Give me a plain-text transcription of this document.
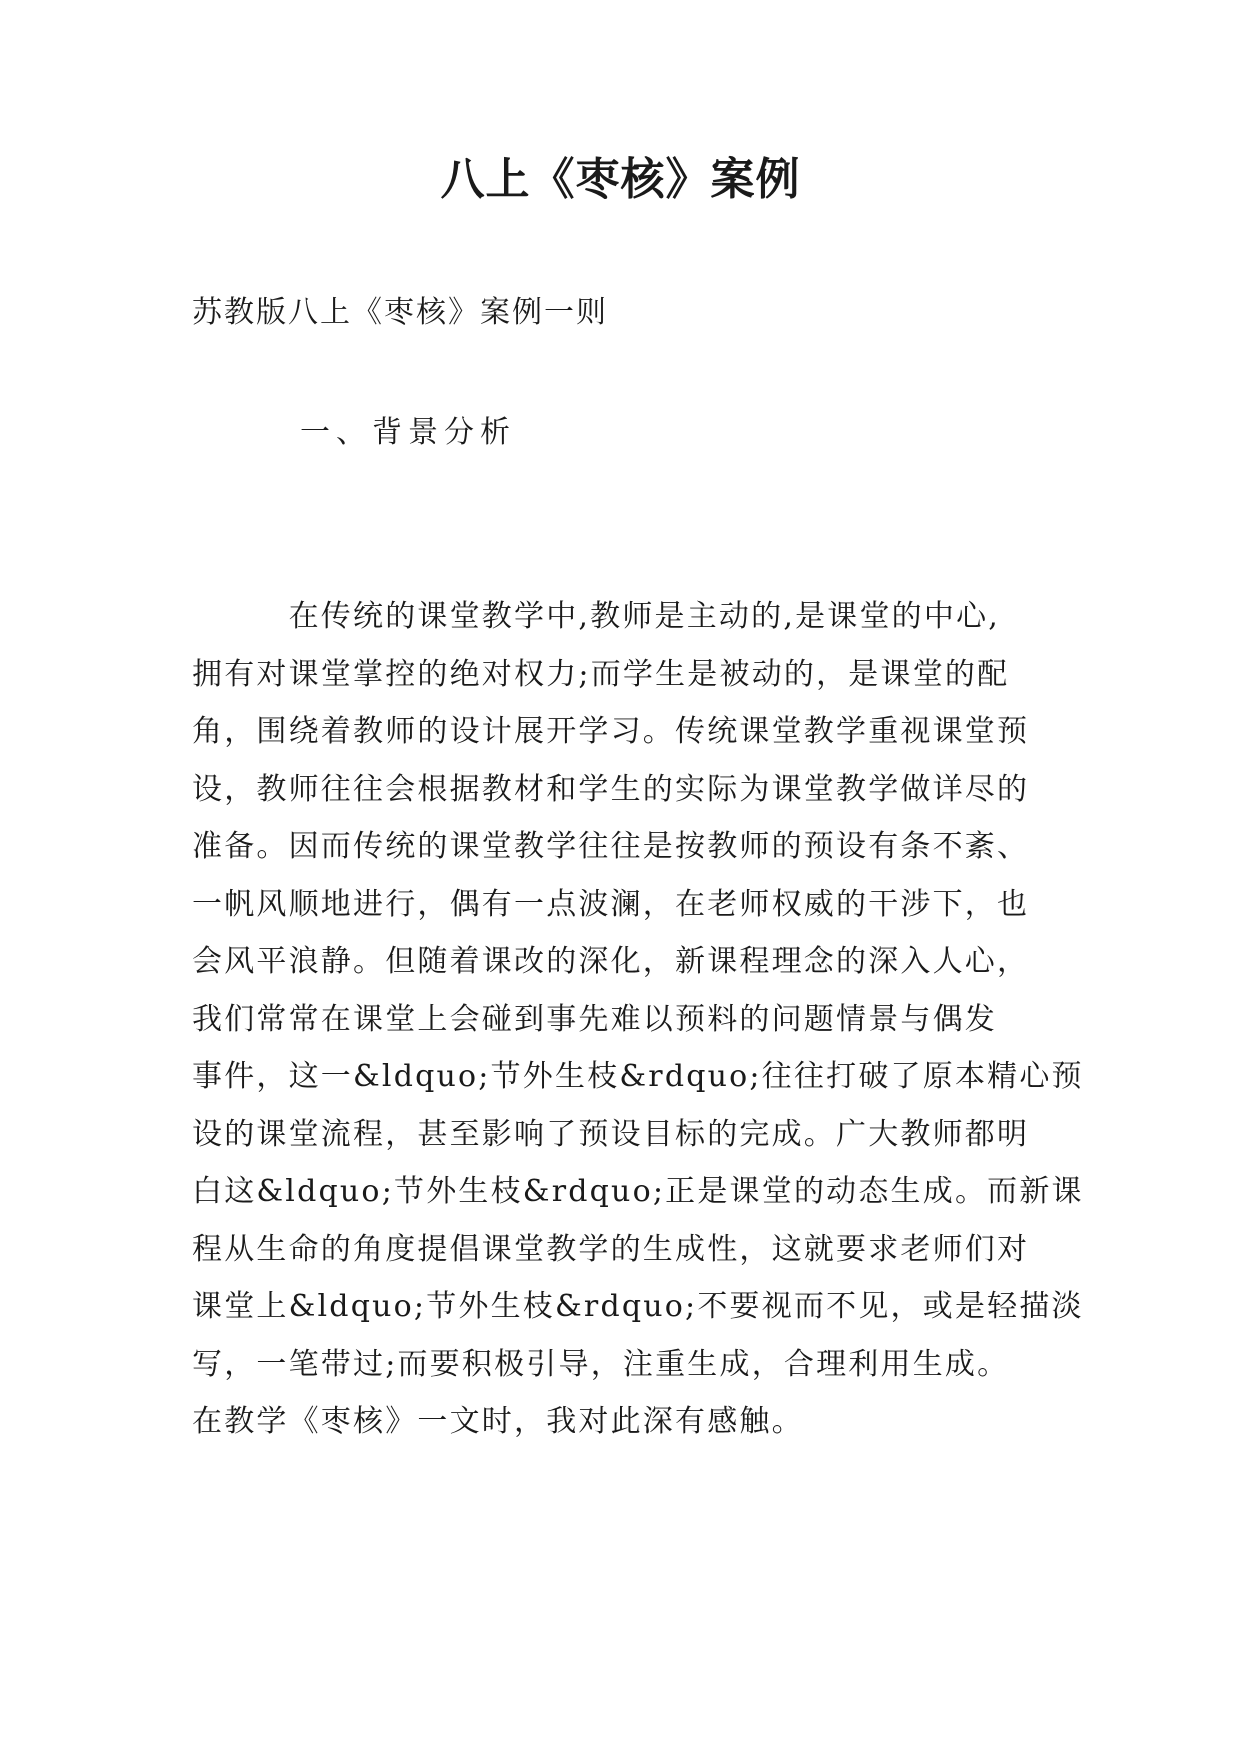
八上《枣核》案例

苏教版八上《枣核》案例一则

一、背景分析

　　　在传统的课堂教学中,教师是主动的,是课堂的中心,
拥有对课堂掌控的绝对权力;而学生是被动的，是课堂的配
角，围绕着教师的设计展开学习。传统课堂教学重视课堂预
设，教师往往会根据教材和学生的实际为课堂教学做详尽的
准备。因而传统的课堂教学往往是按教师的预设有条不紊、
一帆风顺地进行，偶有一点波澜，在老师权威的干涉下，也
会风平浪静。但随着课改的深化，新课程理念的深入人心，
我们常常在课堂上会碰到事先难以预料的问题情景与偶发
事件，这一&ldquo;节外生枝&rdquo;往往打破了原本精心预
设的课堂流程，甚至影响了预设目标的完成。广大教师都明
白这&ldquo;节外生枝&rdquo;正是课堂的动态生成。而新课
程从生命的角度提倡课堂教学的生成性，这就要求老师们对
课堂上&ldquo;节外生枝&rdquo;不要视而不见，或是轻描淡
写，一笔带过;而要积极引导，注重生成，合理利用生成。
在教学《枣核》一文时，我对此深有感触。
